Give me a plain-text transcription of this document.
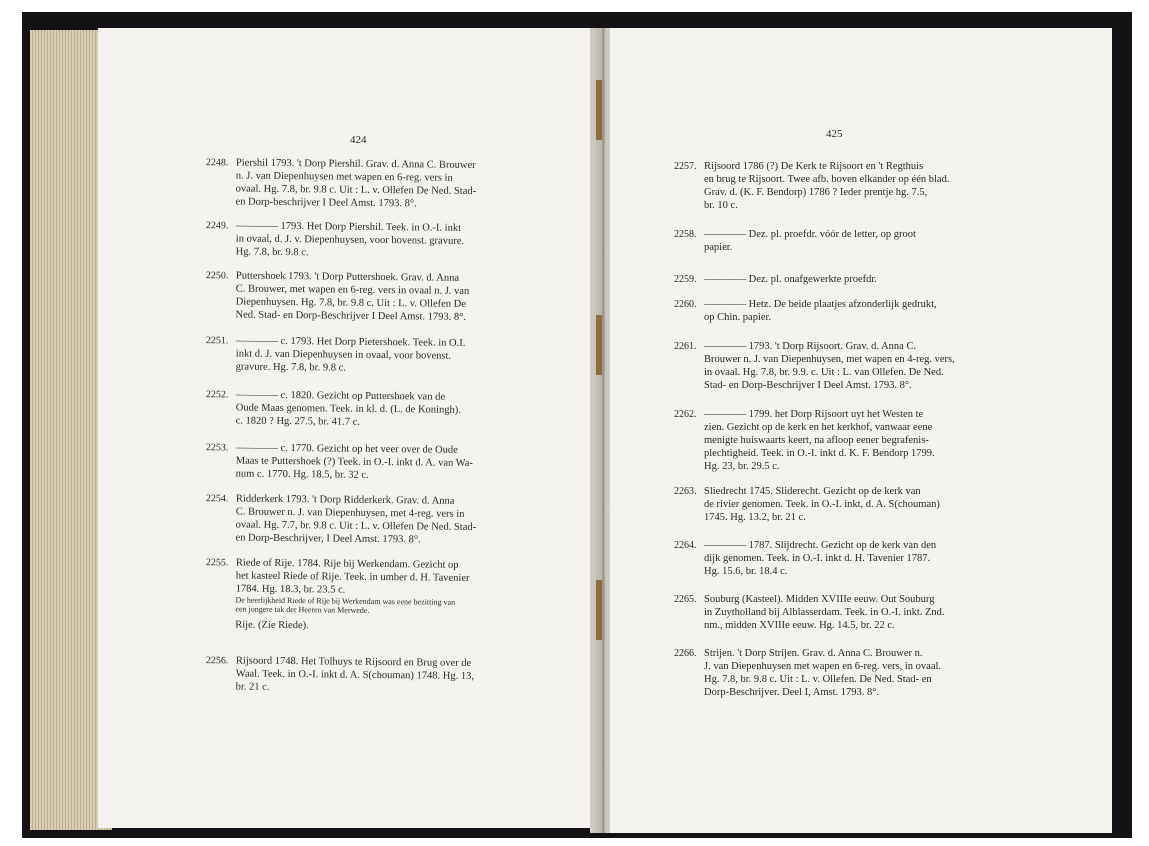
424
2248. Piershil 1793. 't Dorp Piershil. Grav. d. Anna C. Brouwer
n. J. van Diepenhuysen met wapen en 6-reg. vers in
ovaal. Hg. 7.8, br. 9.8 c. Uit : L. v. Ollefen De Ned. Stad-
en Dorp-beschrijver I Deel Amst. 1793. 8°.
2249. ———— 1793. Het Dorp Piershil. Teek. in O.-I. inkt
in ovaal, d. J. v. Diepenhuysen, voor bovenst. gravure.
Hg. 7.8, br. 9.8 c.
2250. Puttershoek 1793. 't Dorp Puttershoek. Grav. d. Anna
C. Brouwer, met wapen en 6-reg. vers in ovaal n. J. van
Diepenhuysen. Hg. 7.8, br. 9.8 c. Uit : L. v. Ollefen De
Ned. Stad- en Dorp-Beschrijver I Deel Amst. 1793. 8°.
2251. ———— c. 1793. Het Dorp Pietershoek. Teek. in O.I.
inkt d. J. van Diepenhuysen in ovaal, voor bovenst.
gravure. Hg. 7.8, br. 9.8 c.
2252. ———— c. 1820. Gezicht op Puttershoek van de
Oude Maas genomen. Teek. in kl. d. (L. de Koningh).
c. 1820 ? Hg. 27.5, br. 41.7 c.
2253. ———— c. 1770. Gezicht op het veer over de Oude
Maas te Puttershoek (?) Teek. in O.-I. inkt d. A. van Wa-
num c. 1770. Hg. 18.5, br. 32 c.
2254. Ridderkerk 1793. 't Dorp Ridderkerk. Grav. d. Anna
C. Brouwer n. J. van Diepenhuysen, met 4-reg. vers in
ovaal. Hg. 7.7, br. 9.8 c. Uit : L. v. Ollefen De Ned. Stad-
en Dorp-Beschrijver, I Deel Amst. 1793. 8°.
2255. Riede of Rije. 1784. Rije bij Werkendam. Gezicht op
het kasteel Riede of Rije. Teek. in umber d. H. Tavenier
1784. Hg. 18.3, br. 23.5 c.
De heerlijkheid Riede of Rije bij Werkendam was eene bezitting van
een jongere tak der Heeren van Merwede.
Rije. (Zie Riede).
2256. Rijsoord 1748. Het Tolhuys te Rijsoord en Brug over de
Waal. Teek. in O.-I. inkt d. A. S(chouman) 1748. Hg. 13,
br. 21 c.
425
2257. Rijsoord 1786 (?) De Kerk te Rijsoort en 't Regthuis
en brug te Rijsoort. Twee afb. boven elkander op één blad.
Grav. d. (K. F. Bendorp) 1786 ? Ieder prentje hg. 7.5,
br. 10 c.
2258. ———— Dez. pl. proefdr. vóór de letter, op groot
papier.
2259. ———— Dez. pl. onafgewerkte proefdr.
2260. ———— Hetz. De beide plaatjes afzonderlijk gedrukt,
op Chin. papier.
2261. ———— 1793. 't Dorp Rijsoort. Grav. d. Anna C.
Brouwer n. J. van Diepenhuysen, met wapen en 4-reg. vers,
in ovaal. Hg. 7.8, br. 9.9. c. Uit : L. van Ollefen. De Ned.
Stad- en Dorp-Beschrijver I Deel Amst. 1793. 8°.
2262. ———— 1799. het Dorp Rijsoort uyt het Westen te
zien. Gezicht op de kerk en het kerkhof, vanwaar eene
menigte huiswaarts keert, na afloop eener begrafenis-
plechtigheid. Teek. in O.-I. inkt d. K. F. Bendorp 1799.
Hg. 23, br. 29.5 c.
2263. Sliedrecht 1745. Sliderecht. Gezicht op de kerk van
de rivier genomen. Teek. in O.-I. inkt, d. A. S(chouman)
1745. Hg. 13.2, br. 21 c.
2264. ———— 1787. Slijdrecht. Gezicht op de kerk van den
dijk genomen. Teek. in O.-I. inkt d. H. Tavenier 1787.
Hg. 15.6, br. 18.4 c.
2265. Souburg (Kasteel). Midden XVIIIe eeuw. Out Souburg
in Zuytholland bij Alblasserdam. Teek. in O.-I. inkt. Znd.
nm., midden XVIIIe eeuw. Hg. 14.5, br. 22 c.
2266. Strijen. 't Dorp Strijen. Grav. d. Anna C. Brouwer n.
J. van Diepenhuysen met wapen en 6-reg. vers, in ovaal.
Hg. 7.8, br. 9.8 c. Uit : L. v. Ollefen. De Ned. Stad- en
Dorp-Beschrijver. Deel I, Amst. 1793. 8°.
